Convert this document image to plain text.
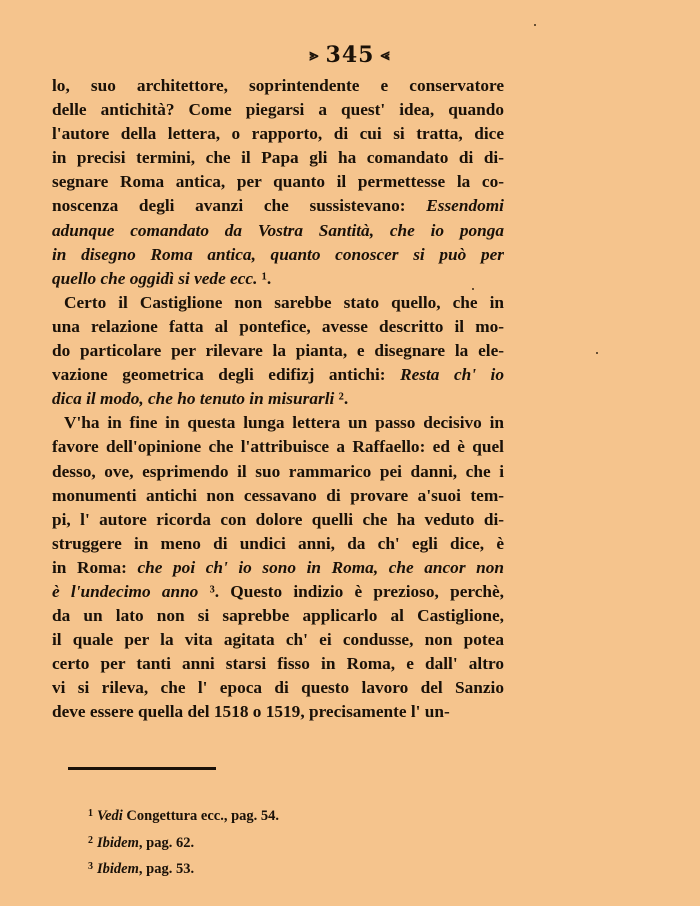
⪢ 345 ⪡
lo, suo architettore, soprintendente e conservatore
delle antichità? Come piegarsi a quest' idea, quando
l'autore della lettera, o rapporto, di cui si tratta, dice
in precisi termini, che il Papa gli ha comandato di di-
segnare Roma antica, per quanto il permettesse la co-
noscenza degli avanzi che sussistevano: Essendomi
adunque comandato da Vostra Santità, che io ponga
in disegno Roma antica, quanto conoscer si può per
quello che oggidì si vede ecc. ¹.
Certo il Castiglione non sarebbe stato quello, che in
una relazione fatta al pontefice, avesse descritto il mo-
do particolare per rilevare la pianta, e disegnare la ele-
vazione geometrica degli edifizj antichi: Resta ch' io
dica il modo, che ho tenuto in misurarli ².
V'ha in fine in questa lunga lettera un passo decisivo in
favore dell'opinione che l'attribuisce a Raffaello: ed è quel
desso, ove, esprimendo il suo rammarico pei danni, che i
monumenti antichi non cessavano di provare a'suoi tem-
pi, l' autore ricorda con dolore quelli che ha veduto di-
struggere in meno di undici anni, da ch' egli dice, è
in Roma: che poi ch' io sono in Roma, che ancor non
è l'undecimo anno ³. Questo indizio è prezioso, perchè,
da un lato non si saprebbe applicarlo al Castiglione,
il quale per la vita agitata ch' ei condusse, non potea
certo per tanti anni starsi fisso in Roma, e dall' altro
vi si rileva, che l' epoca di questo lavoro del Sanzio
deve essere quella del 1518 o 1519, precisamente l' un-
$^1$ Vedi Congettura ecc., pag. 54.
$^2$ Ibidem, pag. 62.
$^3$ Ibidem, pag. 53.
